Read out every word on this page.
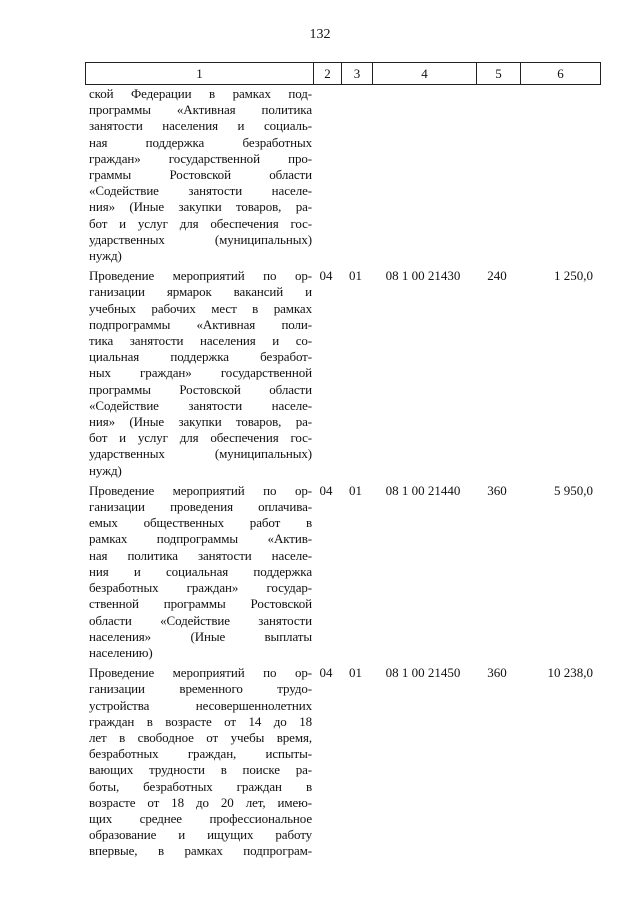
132
1	2	3	4	5	6
ской Федерации в рамках под-
программы «Активная политика
занятости населения и социаль-
ная поддержка безработных
граждан» государственной про-
граммы Ростовской области
«Содействие занятости населе-
ния» (Иные закупки товаров, ра-
бот и услуг для обеспечения гос-
ударственных (муниципальных)
нужд)
Проведение мероприятий по ор-
ганизации ярмарок вакансий и
учебных рабочих мест в рамках
подпрограммы «Активная поли-
тика занятости населения и со-
циальная поддержка безработ-
ных граждан» государственной
программы Ростовской области
«Содействие занятости населе-
ния» (Иные закупки товаров, ра-
бот и услуг для обеспечения гос-
ударственных (муниципальных)
нужд)
04	01	08 1 00 21430	240	1 250,0
Проведение мероприятий по ор-
ганизации проведения оплачива-
емых общественных работ в
рамках подпрограммы «Актив-
ная политика занятости населе-
ния и социальная поддержка
безработных граждан» государ-
ственной программы Ростовской
области «Содействие занятости
населения» (Иные выплаты
населению)
04	01	08 1 00 21440	360	5 950,0
Проведение мероприятий по ор-
ганизации временного трудо-
устройства несовершеннолетних
граждан в возрасте от 14 до 18
лет в свободное от учебы время,
безработных граждан, испыты-
вающих трудности в поиске ра-
боты, безработных граждан в
возрасте от 18 до 20 лет, имею-
щих среднее профессиональное
образование и ищущих работу
впервые, в рамках подпрограм-
04	01	08 1 00 21450	360	10 238,0
